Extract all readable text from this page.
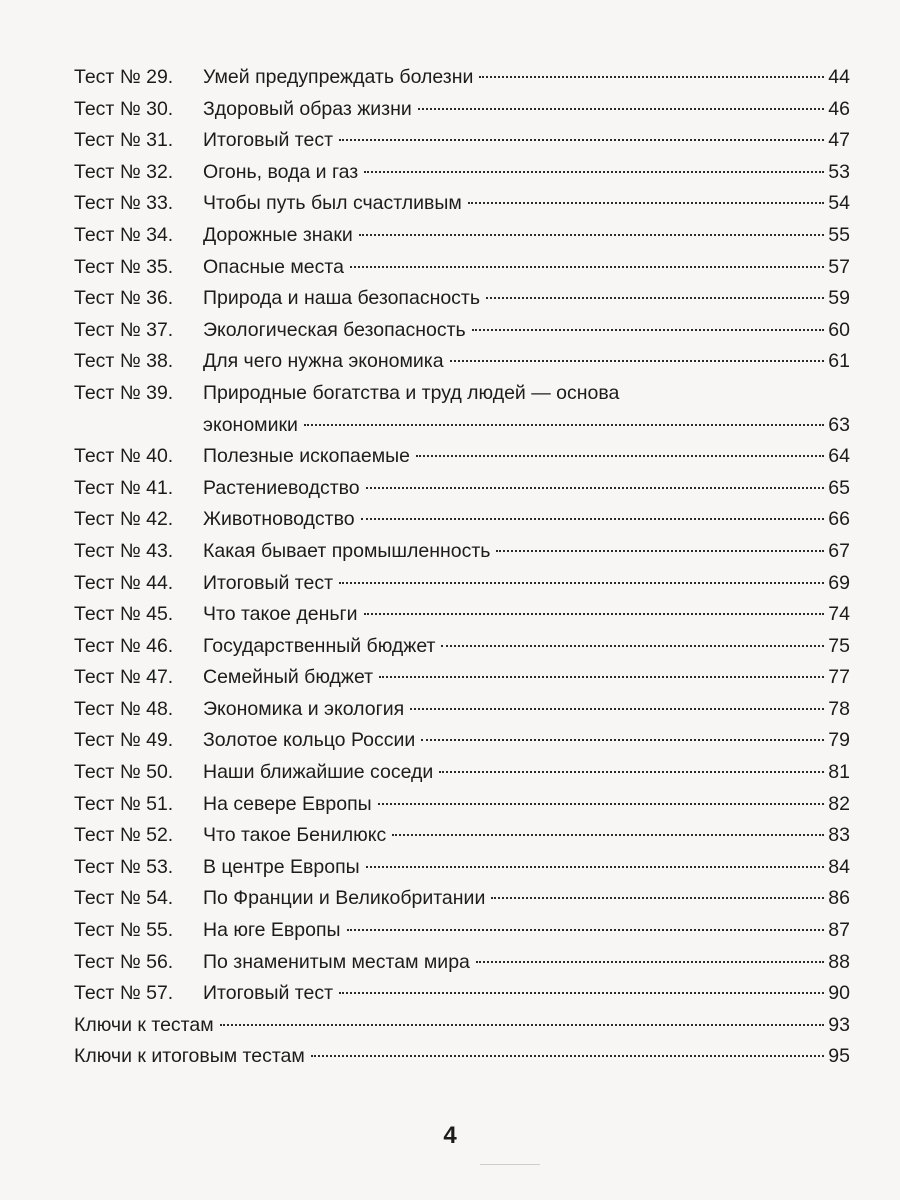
Тест № 29.	Умей предупреждать болезни	44
Тест № 30.	Здоровый образ жизни	46
Тест № 31.	Итоговый тест	47
Тест № 32.	Огонь, вода и газ	53
Тест № 33.	Чтобы путь был счастливым	54
Тест № 34.	Дорожные знаки	55
Тест № 35.	Опасные места	57
Тест № 36.	Природа и наша безопасность	59
Тест № 37.	Экологическая безопасность	60
Тест № 38.	Для чего нужна экономика	61
Тест № 39.	Природные богатства и труд людей — основа
экономики	63
Тест № 40.	Полезные ископаемые	64
Тест № 41.	Растениеводство	65
Тест № 42.	Животноводство	66
Тест № 43.	Какая бывает промышленность	67
Тест № 44.	Итоговый тест	69
Тест № 45.	Что такое деньги	74
Тест № 46.	Государственный бюджет	75
Тест № 47.	Семейный бюджет	77
Тест № 48.	Экономика и экология	78
Тест № 49.	Золотое кольцо России	79
Тест № 50.	Наши ближайшие соседи	81
Тест № 51.	На севере Европы	82
Тест № 52.	Что такое Бенилюкс	83
Тест № 53.	В центре Европы	84
Тест № 54.	По Франции и Великобритании	86
Тест № 55.	На юге Европы	87
Тест № 56.	По знаменитым местам мира	88
Тест № 57.	Итоговый тест	90
Ключи к тестам	93
Ключи к итоговым тестам	95
4
